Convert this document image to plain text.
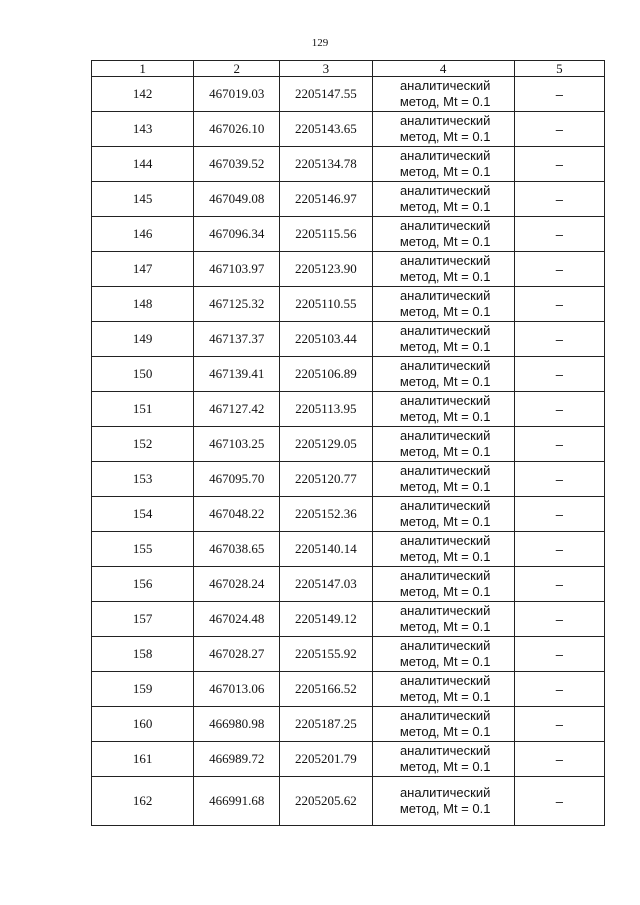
129
1	2	3	4	5
142	467019.03	2205147.55	аналитический
метод, Mt = 0.1	–
143	467026.10	2205143.65	аналитический
метод, Mt = 0.1	–
144	467039.52	2205134.78	аналитический
метод, Mt = 0.1	–
145	467049.08	2205146.97	аналитический
метод, Mt = 0.1	–
146	467096.34	2205115.56	аналитический
метод, Mt = 0.1	–
147	467103.97	2205123.90	аналитический
метод, Mt = 0.1	–
148	467125.32	2205110.55	аналитический
метод, Mt = 0.1	–
149	467137.37	2205103.44	аналитический
метод, Mt = 0.1	–
150	467139.41	2205106.89	аналитический
метод, Mt = 0.1	–
151	467127.42	2205113.95	аналитический
метод, Mt = 0.1	–
152	467103.25	2205129.05	аналитический
метод, Mt = 0.1	–
153	467095.70	2205120.77	аналитический
метод, Mt = 0.1	–
154	467048.22	2205152.36	аналитический
метод, Mt = 0.1	–
155	467038.65	2205140.14	аналитический
метод, Mt = 0.1	–
156	467028.24	2205147.03	аналитический
метод, Mt = 0.1	–
157	467024.48	2205149.12	аналитический
метод, Mt = 0.1	–
158	467028.27	2205155.92	аналитический
метод, Mt = 0.1	–
159	467013.06	2205166.52	аналитический
метод, Mt = 0.1	–
160	466980.98	2205187.25	аналитический
метод, Mt = 0.1	–
161	466989.72	2205201.79	аналитический
метод, Mt = 0.1	–
162	466991.68	2205205.62	аналитический
метод, Mt = 0.1	–
